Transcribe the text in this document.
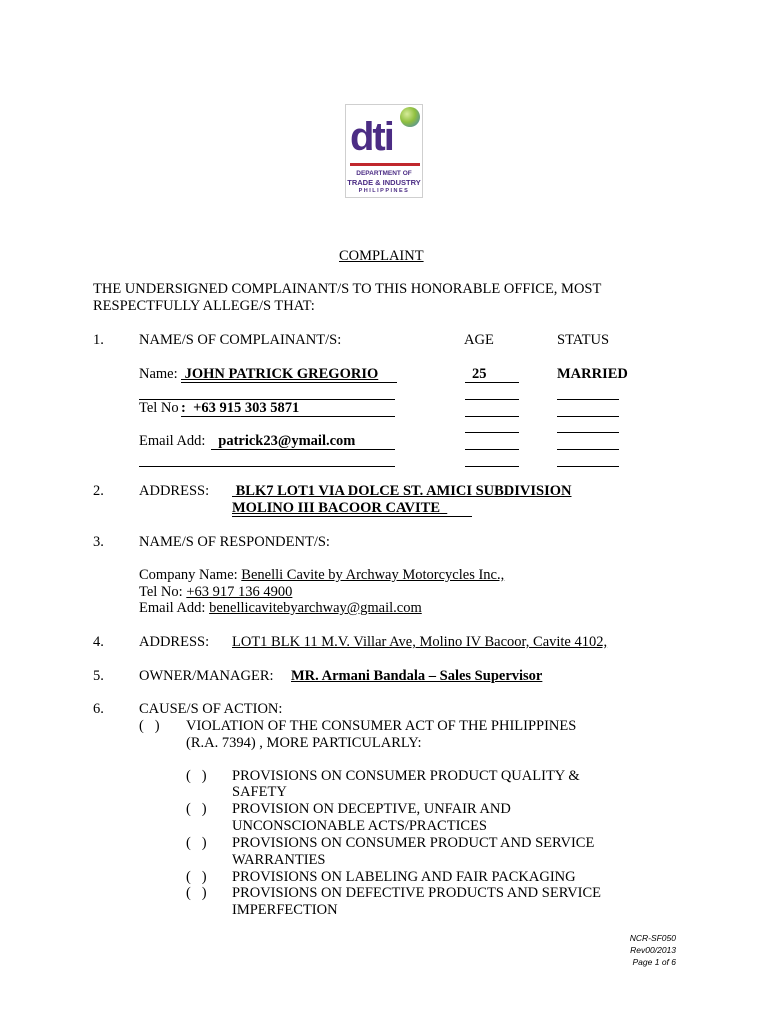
dti
DEPARTMENT OF
TRADE & INDUSTRY
PHILIPPINES
COMPLAINT
THE UNDERSIGNED COMPLAINANT/S TO THIS HONORABLE OFFICE, MOST
RESPECTFULLY ALLEGE/S THAT:
1. NAME/S OF COMPLAINANT/S:	AGE	STATUS
Name: JOHN PATRICK GREGORIO	25	MARRIED
Tel No :  +63 915 303 5871
Email Add: patrick23@ymail.com
2. ADDRESS: BLK7 LOT1 VIA DOLCE ST. AMICI SUBDIVISION
MOLINO III BACOOR CAVITE
3. NAME/S OF RESPONDENT/S:
Company Name: Benelli Cavite by Archway Motorcycles Inc.,
Tel No: +63 917 136 4900
Email Add: benellicavitebyarchway@gmail.com
4. ADDRESS: LOT1 BLK 11 M.V. Villar Ave, Molino IV Bacoor, Cavite 4102,
5. OWNER/MANAGER: MR. Armani Bandala – Sales Supervisor
6. CAUSE/S OF ACTION:
(   ) VIOLATION OF THE CONSUMER ACT OF THE PHILIPPINES
(R.A. 7394) , MORE PARTICULARLY:
(   ) PROVISIONS ON CONSUMER PRODUCT QUALITY &
SAFETY
(   ) PROVISION ON DECEPTIVE, UNFAIR AND
UNCONSCIONABLE ACTS/PRACTICES
(   ) PROVISIONS ON CONSUMER PRODUCT AND SERVICE
WARRANTIES
(   ) PROVISIONS ON LABELING AND FAIR PACKAGING
(   ) PROVISIONS ON DEFECTIVE PRODUCTS AND SERVICE
IMPERFECTION
NCR-SF050
Rev00/2013
Page 1 of 6
